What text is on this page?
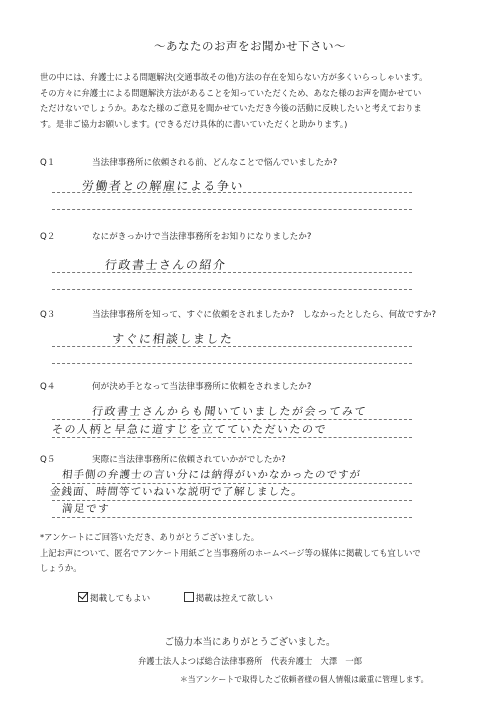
～あなたのお声をお聞かせ下さい～

世の中には、弁護士による問題解決(交通事故その他)方法の存在を知らない方が多くいらっしゃいます。

その方々に弁護士による問題解決方法があることを知っていただくため、あなた様のお声を聞かせてい

ただけないでしょうか。あなた様のご意見を聞かせていただき今後の活動に反映したいと考えておりま

す。是非ご協力お願いします。(できるだけ具体的に書いていただくと助かります。)

Q１	当法律事務所に依頼される前、どんなことで悩んでいましたか?
労働者との解雇による争い
Q２	なにがきっかけで当法律事務所をお知りになりましたか?
行政書士さんの紹介
Q３	当法律事務所を知って、すぐに依頼をされましたか?　しなかったとしたら、何故ですか?
すぐに相談しました
Q４	何が決め手となって当法律事務所に依頼をされましたか?
行政書士さんからも聞いていましたが会ってみて
その人柄と早急に道すじを立てていただいたので
Q５	実際に当法律事務所に依頼されていかがでしたか?
相手側の弁護士の言い分には納得がいかなかったのですが
金銭面、時間等ていねいな説明で了解しました。
満足です

*アンケートにご回答いただき、ありがとうございました。

上記お声について、匿名でアンケート用紙ごと当事務所のホームページ等の媒体に掲載しても宜しいで

しょうか。

掲載してもよい	掲載は控えて欲しい
ご協力本当にありがとうございました。
弁護士法人よつば総合法律事務所　代表弁護士　大澤　一郎
＊当アンケートで取得したご依頼者様の個人情報は厳重に管理します。
